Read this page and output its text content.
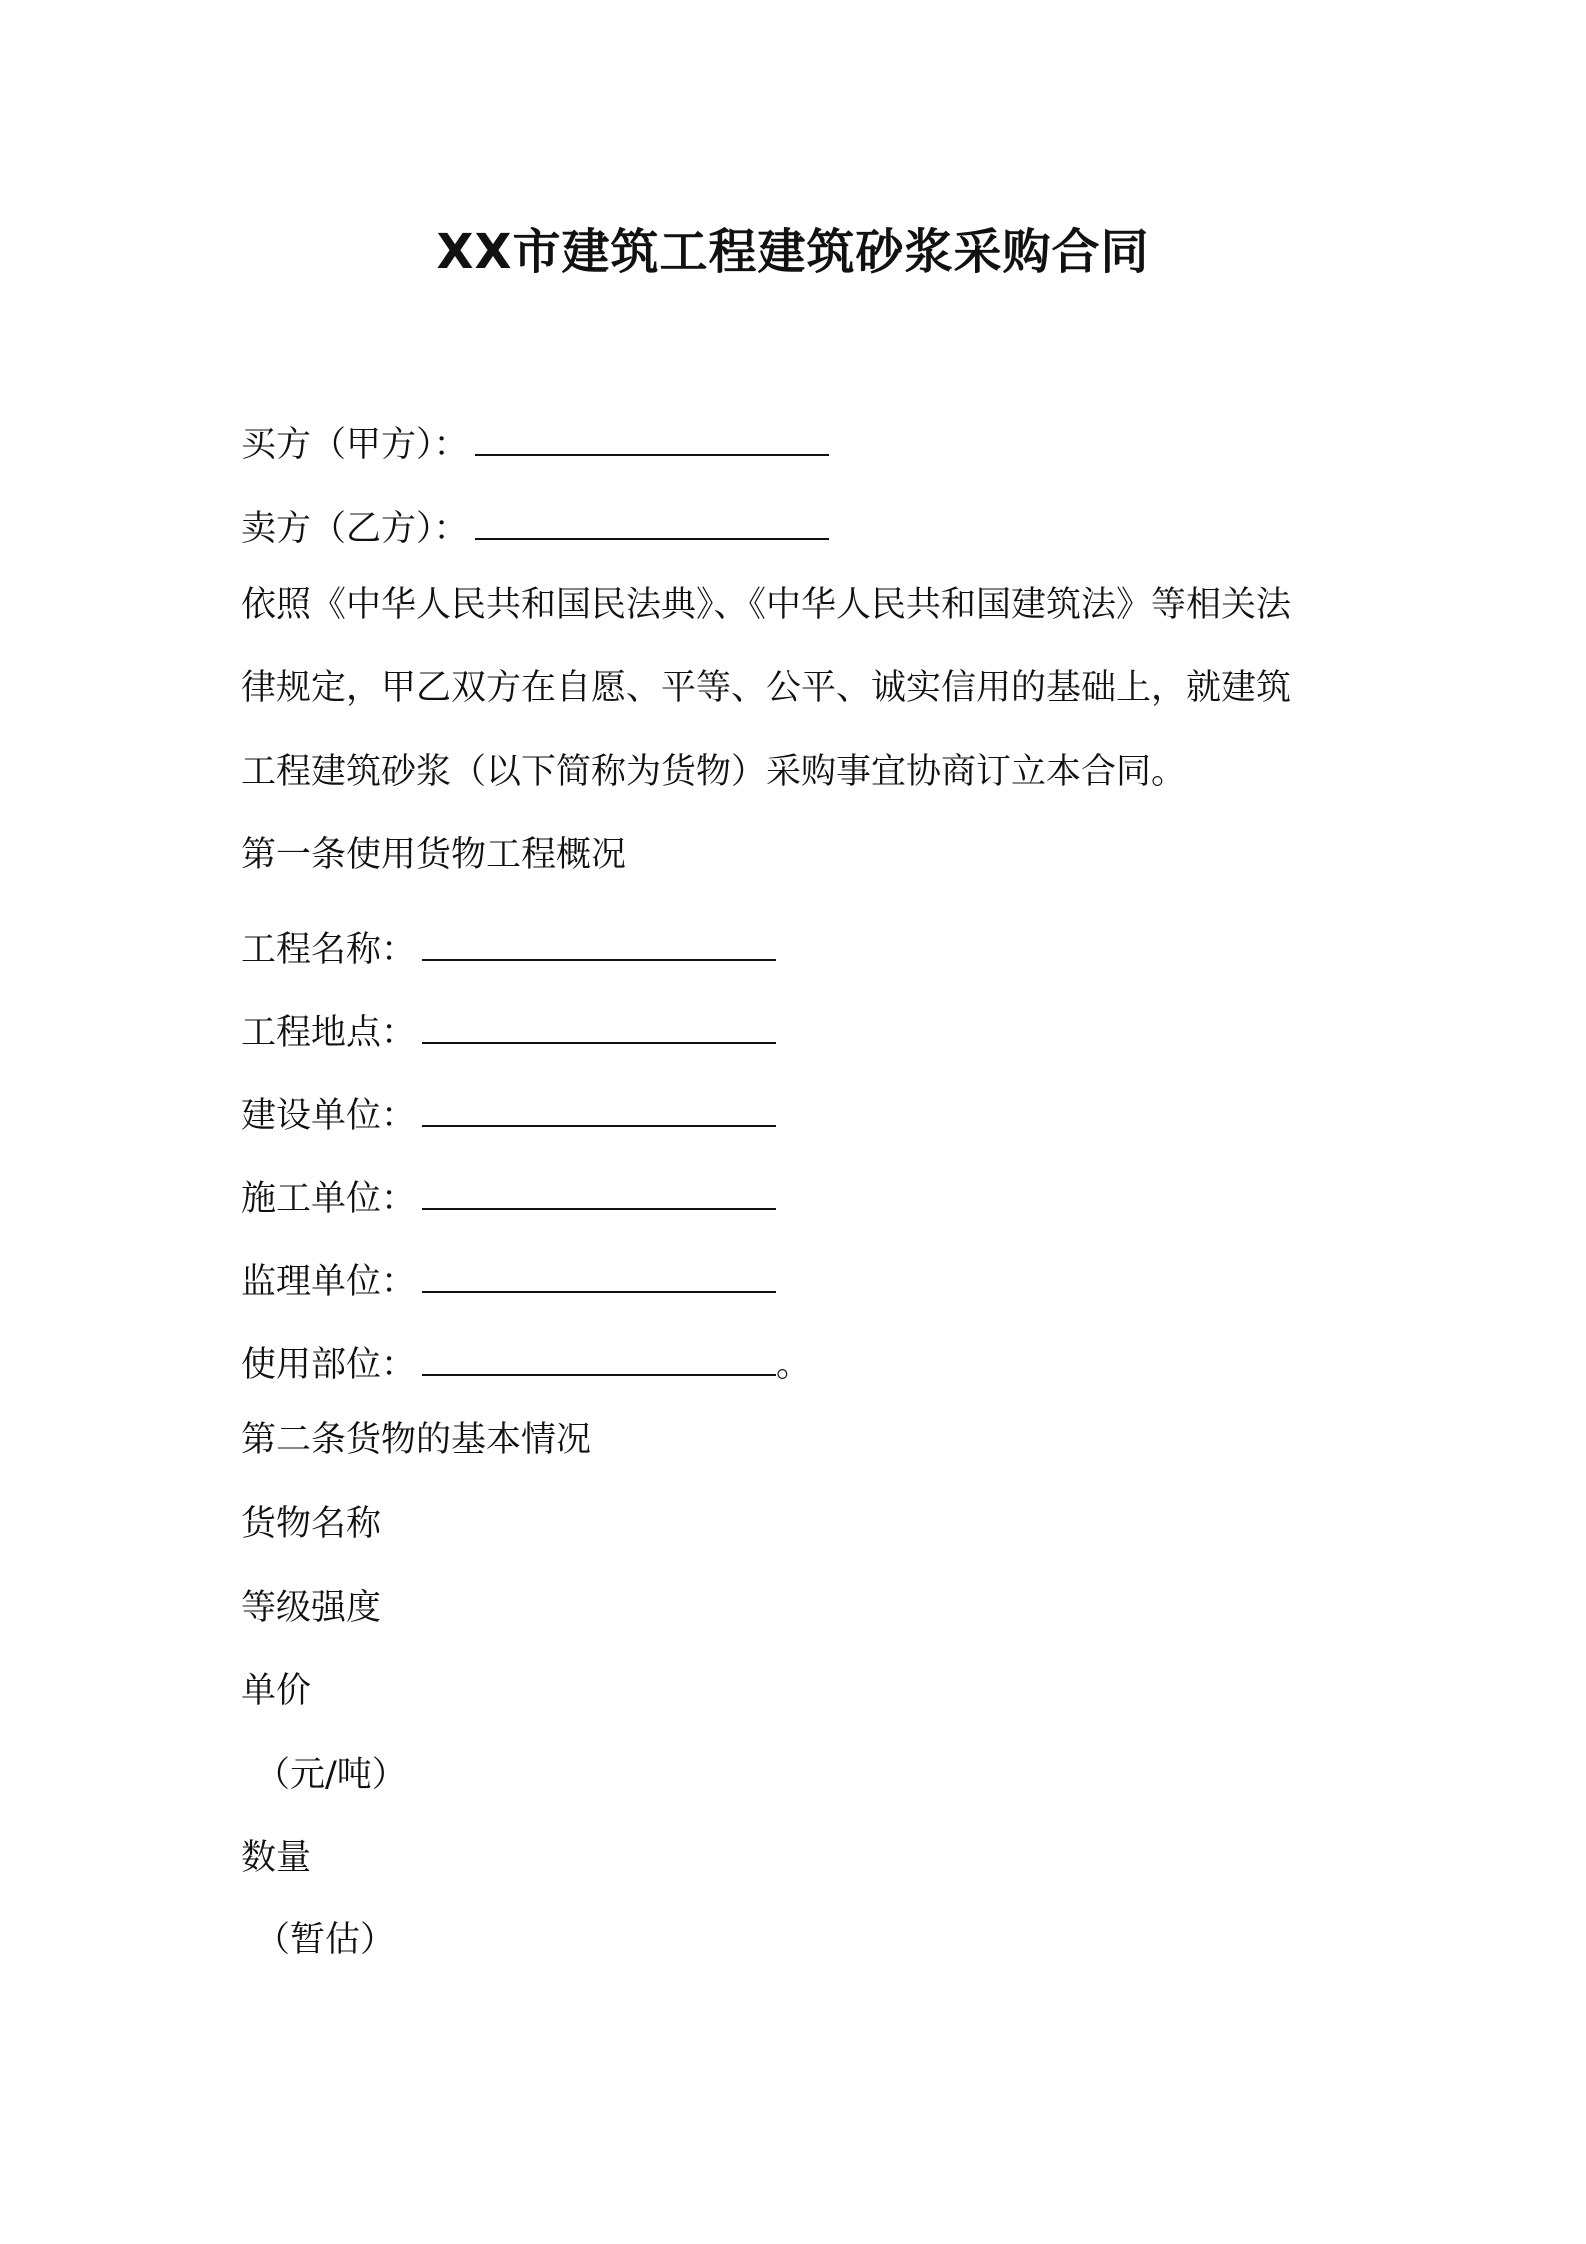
XX市建筑工程建筑砂浆采购合同
买方（甲方）：
卖方（乙方）：
依照《中华人民共和国民法典》、《中华人民共和国建筑法》等相关法
律规定，甲乙双方在自愿、平等、公平、诚实信用的基础上，就建筑
工程建筑砂浆（以下简称为货物）采购事宜协商订立本合同。
第一条使用货物工程概况
工程名称：
工程地点：
建设单位：
施工单位：
监理单位：
使用部位：	。
第二条货物的基本情况
货物名称
等级强度
单价
（元/吨）
数量
（暂估）
